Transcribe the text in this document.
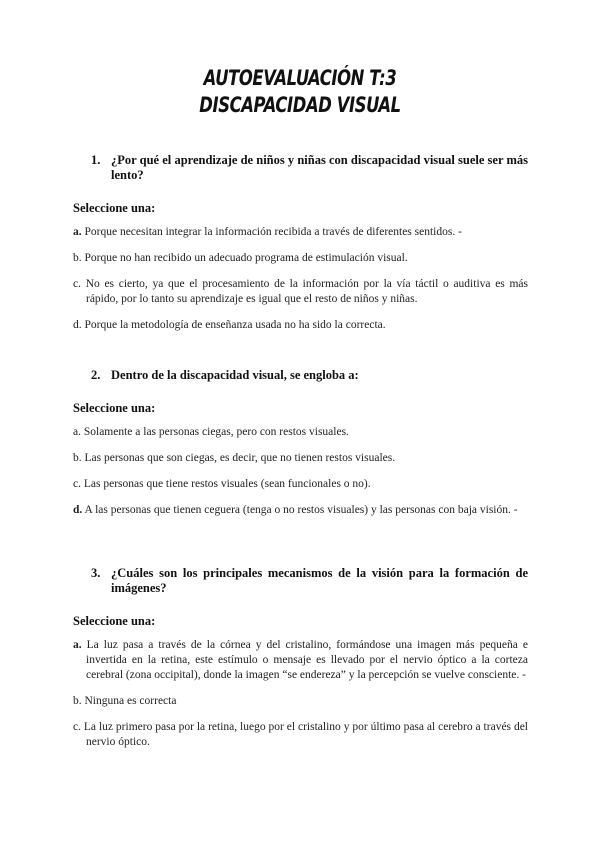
AUTOEVALUACIÓN T:3
DISCAPACIDAD VISUAL
1. ¿Por qué el aprendizaje de niños y niñas con discapacidad visual suele ser más lento?
Seleccione una:
a. Porque necesitan integrar la información recibida a través de diferentes sentidos. -
b. Porque no han recibido un adecuado programa de estimulación visual.
c. No es cierto, ya que el procesamiento de la información por la vía táctil o auditiva es más rápido, por lo tanto su aprendizaje es igual que el resto de niños y niñas.
d. Porque la metodología de enseñanza usada no ha sido la correcta.
2. Dentro de la discapacidad visual, se engloba a:
Seleccione una:
a. Solamente a las personas ciegas, pero con restos visuales.
b. Las personas que son ciegas, es decir, que no tienen restos visuales.
c. Las personas que tiene restos visuales (sean funcionales o no).
d. A las personas que tienen ceguera (tenga o no restos visuales) y las personas con baja visión. -
3. ¿Cuáles son los principales mecanismos de la visión para la formación de imágenes?
Seleccione una:
a. La luz pasa a través de la córnea y del cristalino, formándose una imagen más pequeña e invertida en la retina, este estímulo o mensaje es llevado por el nervio óptico a la corteza cerebral (zona occipital), donde la imagen “se endereza” y la percepción se vuelve consciente. -
b. Ninguna es correcta
c. La luz primero pasa por la retina, luego por el cristalino y por último pasa al cerebro a través del nervio óptico.
